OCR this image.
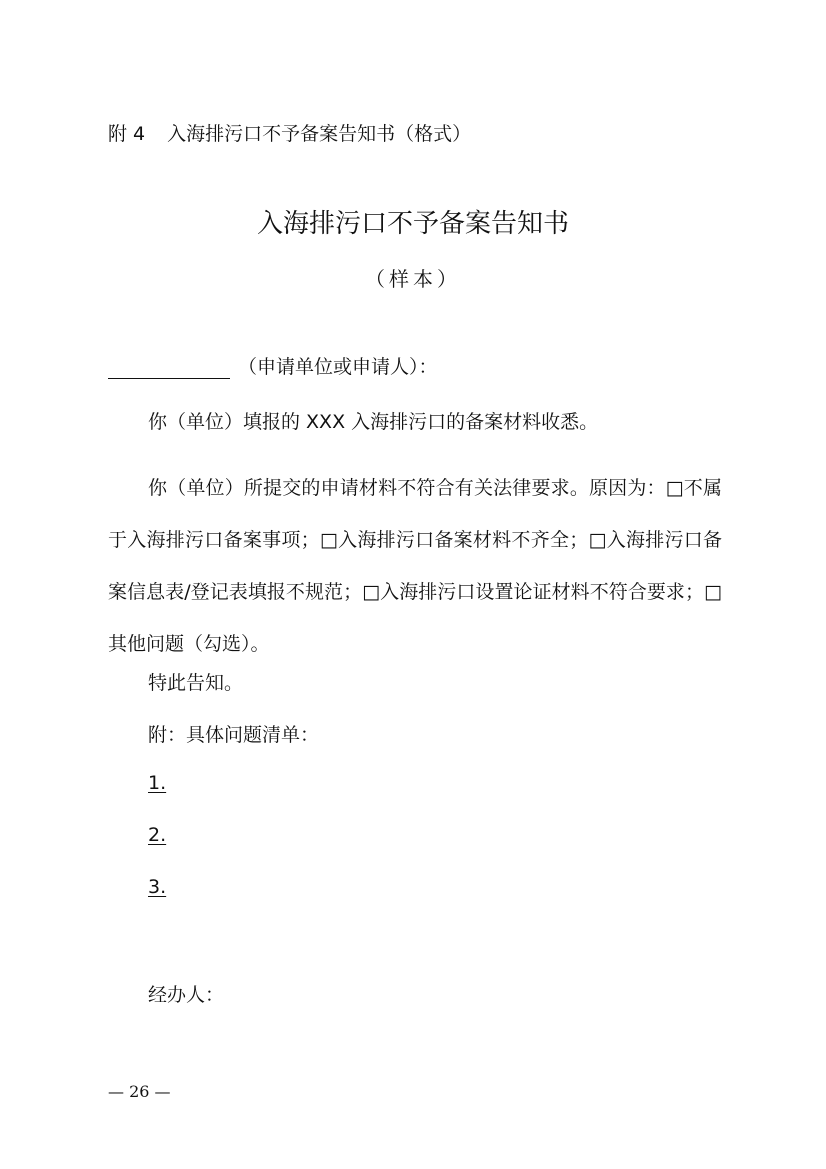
附 4 入海排污口不予备案告知书（格式）
入海排污口不予备案告知书
（样本）
（申请单位或申请人）：
你（单位）填报的 XXX 入海排污口的备案材料收悉。

你（单位）所提交的申请材料不符合有关法律要求。原因为：□不属于入海排污口备案事项；□入海排污口备案材料不齐全；□入海排污口备案信息表/登记表填报不规范；□入海排污口设置论证材料不符合要求；□其他问题（勾选）。

特此告知。
附：具体问题清单：
1.
2.
3.
经办人：
— 26 —
